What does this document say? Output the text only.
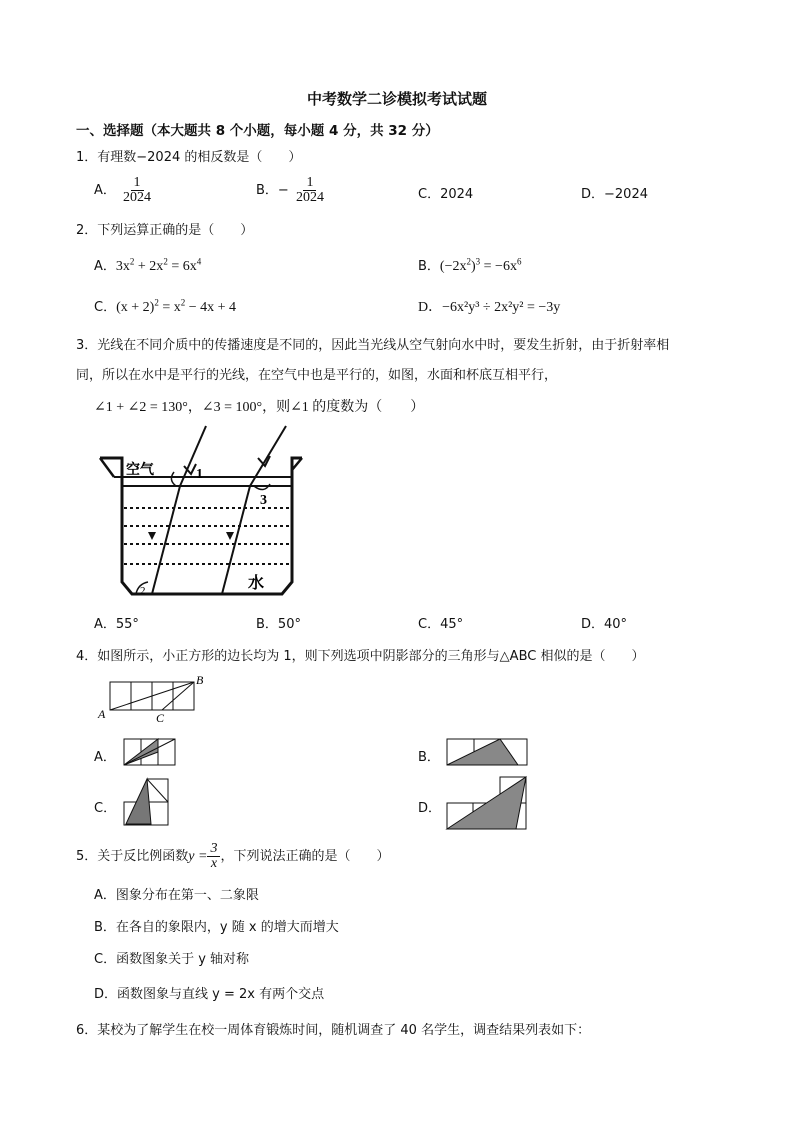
中考数学二诊模拟考试试题
一、选择题（本大题共 8 个小题，每小题 4 分，共 32 分）
1．有理数−2024 的相反数是（　　）
A． $\frac{1}{2024}$	B．− $\frac{1}{2024}$	C．2024	D．−2024
2．下列运算正确的是（　　）
A．$3x^2 + 2x^2 = 6x^4$	B．$(-2x^2)^3 = -6x^6$
C．$(x + 2)^2 = x^2 - 4x + 4$	D．−6x²y³ ÷ 2x²y² = −3y
3．光线在不同介质中的传播速度是不同的，因此当光线从空气射向水中时，要发生折射，由于折射率相
同，所以在水中是平行的光线，在空气中也是平行的，如图，水面和杯底互相平行，
∠1 + ∠2 = 130°，∠3 = 100°，则∠1 的度数为（　　）
空气	1
3
2	水
A．55°	B．50°	C．45°	D．40°
4．如图所示，小正方形的边长均为 1，则下列选项中阴影部分的三角形与△ABC 相似的是（　　）
A
B
C
A．	B．
C．	D．
5．关于反比例函数$y = \frac{3}{x}$ ，下列说法正确的是（　　）
A．图象分布在第一、二象限
B．在各自的象限内，y 随 x 的增大而增大
C．函数图象关于 y 轴对称
D．函数图象与直线 y = 2x 有两个交点
6．某校为了解学生在校一周体育锻炼时间，随机调查了 40 名学生，调查结果列表如下：
